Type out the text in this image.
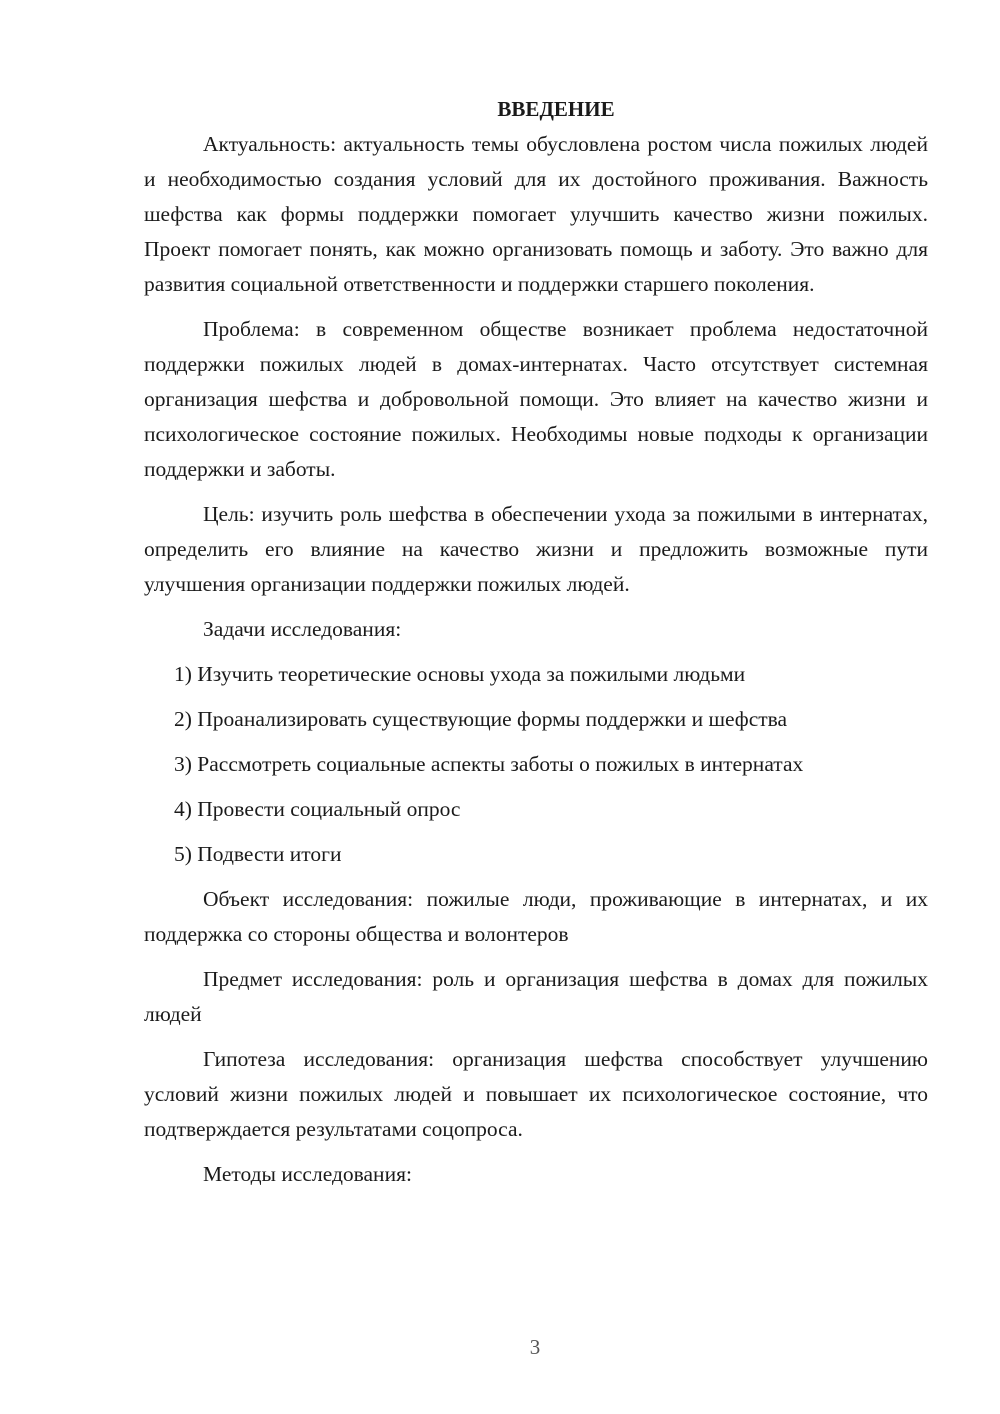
ВВЕДЕНИЕ

Актуальность: актуальность темы обусловлена ростом числа пожилых людей и необходимостью создания условий для их достойного проживания. Важность шефства как формы поддержки помогает улучшить качество жизни пожилых. Проект помогает понять, как можно организовать помощь и заботу. Это важно для развития социальной ответственности и поддержки старшего поколения.

Проблема: в современном обществе возникает проблема недостаточной поддержки пожилых людей в домах-интернатах. Часто отсутствует системная организация шефства и добровольной помощи. Это влияет на качество жизни и психологическое состояние пожилых. Необходимы новые подходы к организации поддержки и заботы.

Цель: изучить роль шефства в обеспечении ухода за пожилыми в интернатах, определить его влияние на качество жизни и предложить возможные пути улучшения организации поддержки пожилых людей.

Задачи исследования:

1) Изучить теоретические основы ухода за пожилыми людьми

2) Проанализировать существующие формы поддержки и шефства

3) Рассмотреть социальные аспекты заботы о пожилых в интернатах

4) Провести социальный опрос

5) Подвести итоги

Объект исследования: пожилые люди, проживающие в интернатах, и их поддержка со стороны общества и волонтеров

Предмет исследования: роль и организация шефства в домах для пожилых людей

Гипотеза исследования: организация шефства способствует улучшению условий жизни пожилых людей и повышает их психологическое состояние, что подтверждается результатами соцопроса.

Методы исследования:

3
